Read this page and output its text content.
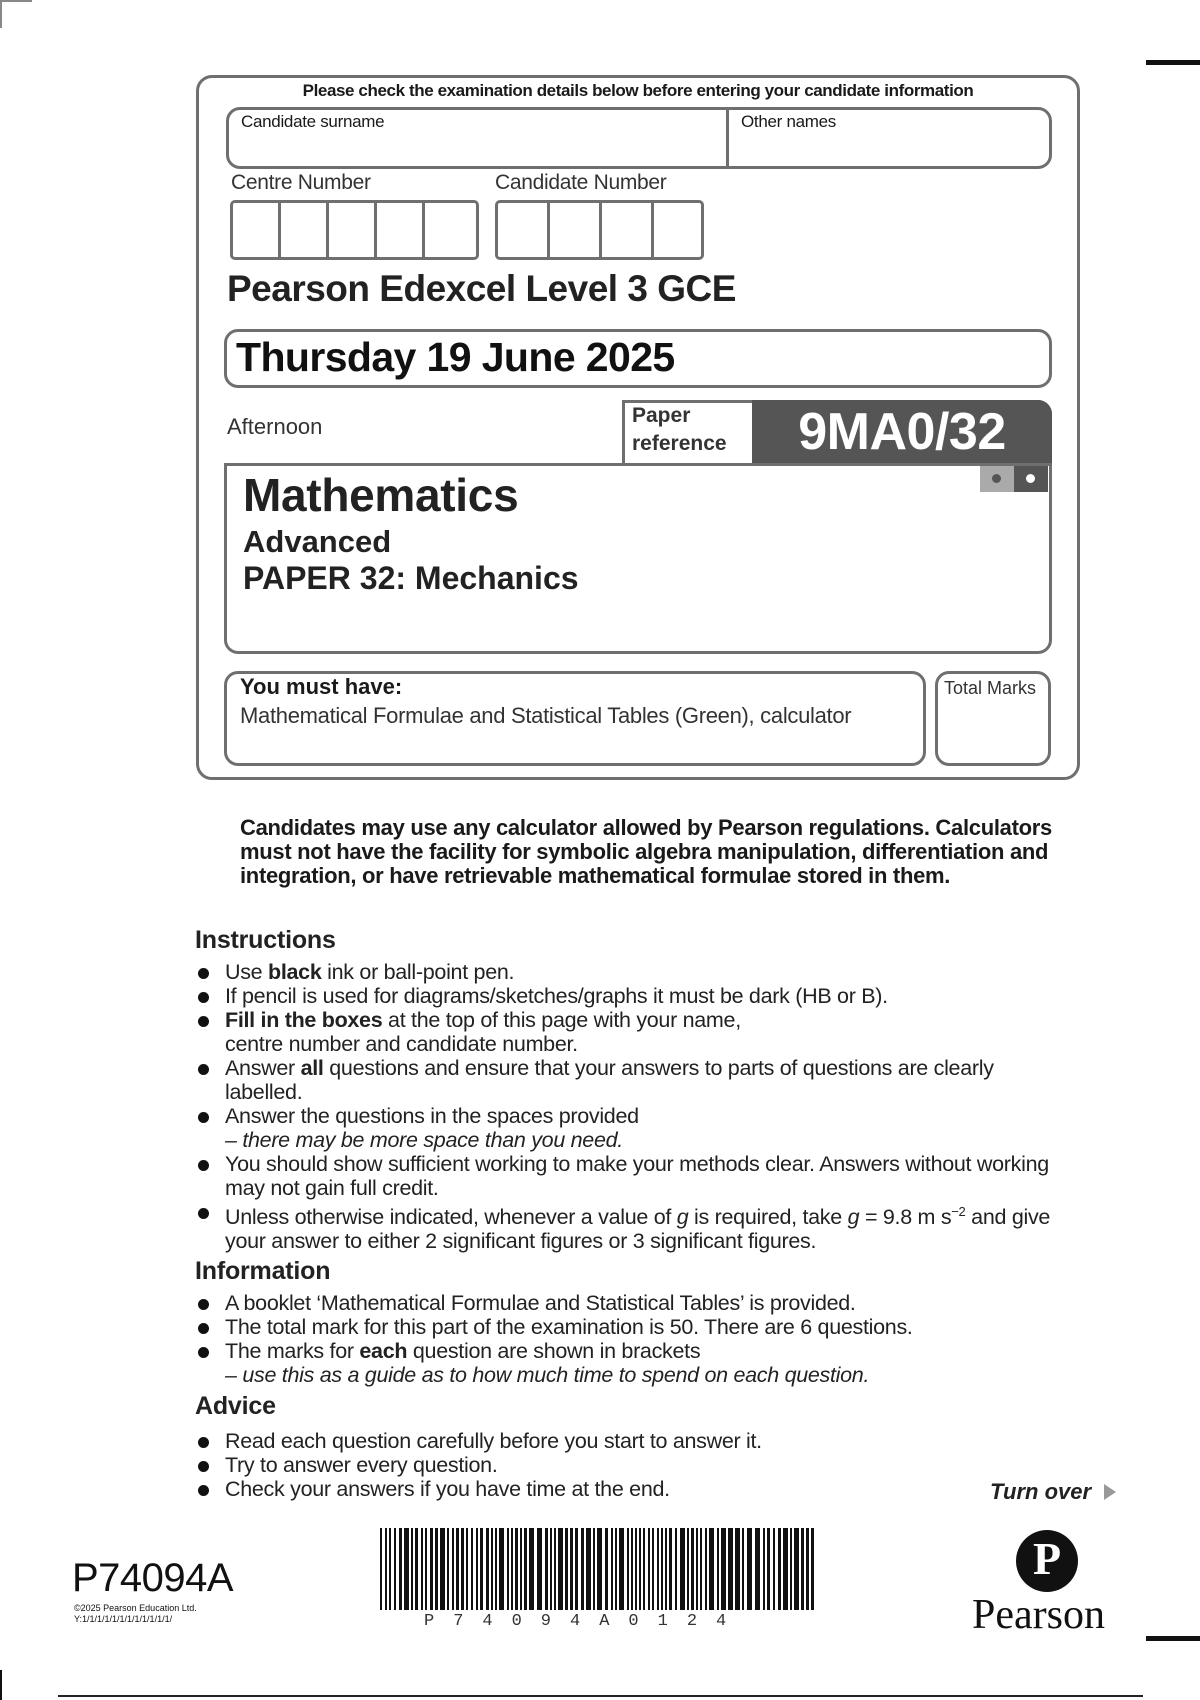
Please check the examination details below before entering your candidate information
Candidate surname	Other names
Centre Number	Candidate Number
Pearson Edexcel Level 3 GCE
Thursday 19 June 2025
Afternoon	Paper
reference	9MA0/32
Mathematics
Advanced
PAPER 32: Mechanics
You must have:
Mathematical Formulae and Statistical Tables (Green), calculator
Total Marks
Candidates may use any calculator allowed by Pearson regulations. Calculators must not have the facility for symbolic algebra manipulation, differentiation and integration, or have retrievable mathematical formulae stored in them.
Instructions
Use black ink or ball-point pen.
If pencil is used for diagrams/sketches/graphs it must be dark (HB or B).
Fill in the boxes at the top of this page with your name,
centre number and candidate number.
Answer all questions and ensure that your answers to parts of questions are clearly labelled.
Answer the questions in the spaces provided
– there may be more space than you need.
You should show sufficient working to make your methods clear. Answers without working may not gain full credit.
Unless otherwise indicated, whenever a value of g is required, take g = 9.8 m $s^{-2}$ and give your answer to either 2 significant figures or 3 significant figures.
Information
A booklet ‘Mathematical Formulae and Statistical Tables’ is provided.
The total mark for this part of the examination is 50. There are 6 questions.
The marks for each question are shown in brackets
– use this as a guide as to how much time to spend on each question.
Advice
Read each question carefully before you start to answer it.
Try to answer every question.
Check your answers if you have time at the end.	Turn over
P74094A
©2025 Pearson Education Ltd.
Y:1/1/1/1/1/1/1/1/1/1/1/1/	P74094A0124
P
Pearson
